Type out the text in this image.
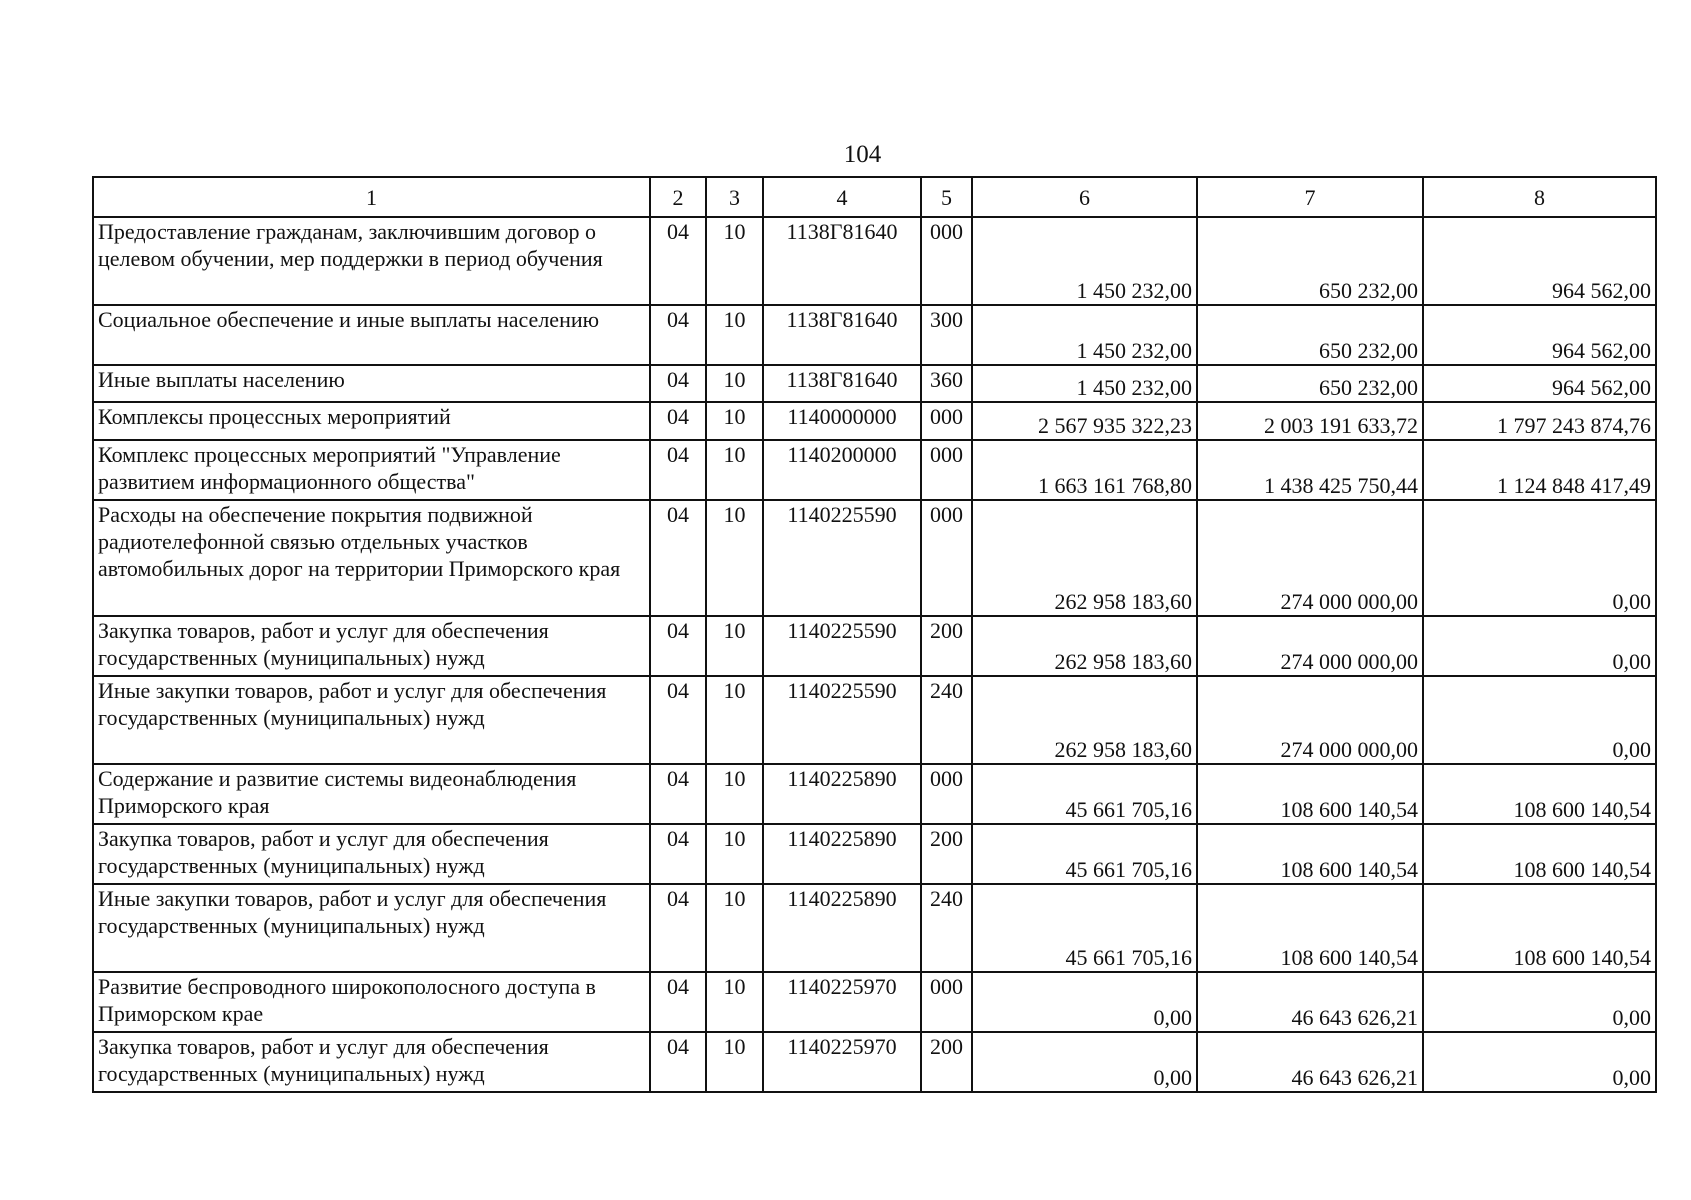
104
1	2	3	4	5	6	7	8
Предоставление гражданам, заключившим договор о целевом обучении, мер поддержки в период обучения	04	10	1138Г81640	000	1 450 232,00	650 232,00	964 562,00
Социальное обеспечение и иные выплаты населению	04	10	1138Г81640	300	1 450 232,00	650 232,00	964 562,00
Иные выплаты населению	04	10	1138Г81640	360	1 450 232,00	650 232,00	964 562,00
Комплексы процессных мероприятий	04	10	1140000000	000	2 567 935 322,23	2 003 191 633,72	1 797 243 874,76
Комплекс процессных мероприятий "Управление развитием информационного общества"	04	10	1140200000	000	1 663 161 768,80	1 438 425 750,44	1 124 848 417,49
Расходы на обеспечение покрытия подвижной радиотелефонной связью отдельных участков автомобильных дорог на территории Приморского края	04	10	1140225590	000	262 958 183,60	274 000 000,00	0,00
Закупка товаров, работ и услуг для обеспечения государственных (муниципальных) нужд	04	10	1140225590	200	262 958 183,60	274 000 000,00	0,00
Иные закупки товаров, работ и услуг для обеспечения государственных (муниципальных) нужд	04	10	1140225590	240	262 958 183,60	274 000 000,00	0,00
Содержание и развитие системы видеонаблюдения Приморского края	04	10	1140225890	000	45 661 705,16	108 600 140,54	108 600 140,54
Закупка товаров, работ и услуг для обеспечения государственных (муниципальных) нужд	04	10	1140225890	200	45 661 705,16	108 600 140,54	108 600 140,54
Иные закупки товаров, работ и услуг для обеспечения государственных (муниципальных) нужд	04	10	1140225890	240	45 661 705,16	108 600 140,54	108 600 140,54
Развитие беспроводного широкополосного доступа в Приморском крае	04	10	1140225970	000	0,00	46 643 626,21	0,00
Закупка товаров, работ и услуг для обеспечения государственных (муниципальных) нужд	04	10	1140225970	200	0,00	46 643 626,21	0,00
